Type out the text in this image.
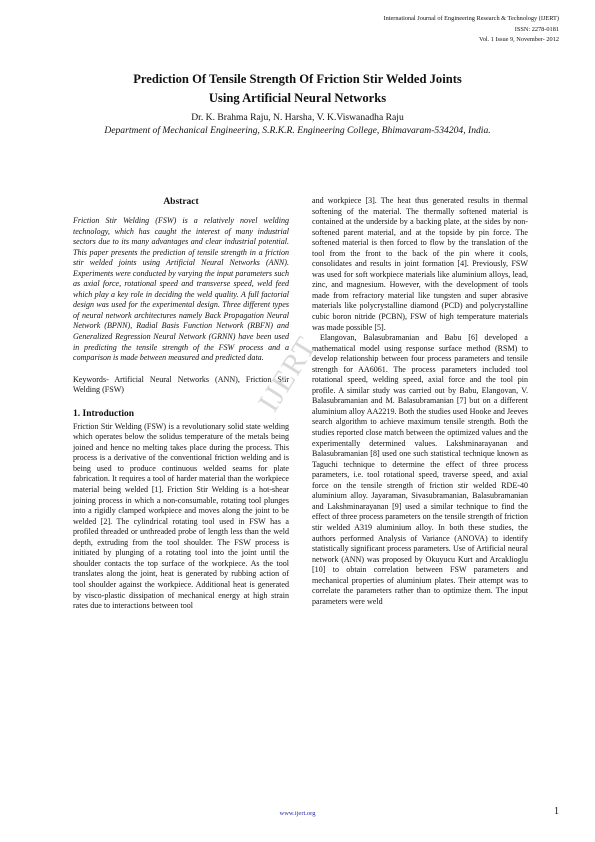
International Journal of Engineering Research & Technology (IJERT)
ISSN: 2278-0181
Vol. 1 Issue 9, November- 2012
Prediction Of Tensile Strength Of Friction Stir Welded Joints
Using Artificial Neural Networks
Dr. K. Brahma Raju, N. Harsha, V. K.Viswanadha Raju
Department of Mechanical Engineering, S.R.K.R. Engineering College, Bhimavaram-534204, India.

Abstract

Friction Stir Welding (FSW) is a relatively novel welding technology, which has caught the interest of many industrial sectors due to its many advantages and clear industrial potential. This paper presents the prediction of tensile strength in a friction stir welded joints using Artificial Neural Networks (ANN). Experiments were conducted by varying the input parameters such as axial force, rotational speed and transverse speed, weld feed which play a key role in deciding the weld quality. A full factorial design was used for the experimental design. Three different types of neural network architectures namely Back Propagation Neural Network (BPNN), Radial Basis Function Network (RBFN) and Generalized Regression Neural Network (GRNN) have been used in predicting the tensile strength of the FSW process and a comparison is made between measured and predicted data.

Keywords- Artificial Neural Networks (ANN), Friction Stir Welding (FSW)

1. Introduction

Friction Stir Welding (FSW) is a revolutionary solid state welding which operates below the solidus temperature of the metals being joined and hence no melting takes place during the process. This process is a derivative of the conventional friction welding and is being used to produce continuous welded seams for plate fabrication. It requires a tool of harder material than the workpiece material being welded [1]. Friction Stir Welding is a hot-shear joining process in which a non-consumable, rotating tool plunges into a rigidly clamped workpiece and moves along the joint to be welded [2]. The cylindrical rotating tool used in FSW has a profiled threaded or unthreaded probe of length less than the weld depth, extruding from the tool shoulder. The FSW process is initiated by plunging of a rotating tool into the joint until the shoulder contacts the top surface of the workpiece. As the tool translates along the joint, heat is generated by rubbing action of tool shoulder against the workpiece. Additional heat is generated by visco-plastic dissipation of mechanical energy at high strain rates due to interactions between tool

and workpiece [3]. The heat thus generated results in thermal softening of the material. The thermally softened material is contained at the underside by a backing plate, at the sides by non-softened parent material, and at the topside by pin force. The softened material is then forced to flow by the translation of the tool from the front to the back of the pin where it cools, consolidates and results in joint formation [4]. Previously, FSW was used for soft workpiece materials like aluminium alloys, lead, zinc, and magnesium. However, with the development of tools made from refractory material like tungsten and super abrasive materials like polycrystalline diamond (PCD) and polycrystalline cubic boron nitride (PCBN), FSW of high temperature materials was made possible [5].

Elangovan, Balasubramanian and Babu [6] developed a mathematical model using response surface method (RSM) to develop relationship between four process parameters and tensile strength for AA6061. The process parameters included tool rotational speed, welding speed, axial force and the tool pin profile. A similar study was carried out by Babu, Elangovan, V. Balasubramanian and M. Balasubramanian [7] but on a different aluminium alloy AA2219. Both the studies used Hooke and Jeeves search algorithm to achieve maximum tensile strength. Both the studies reported close match between the optimized values and the experimentally determined values. Lakshminarayanan and Balasubramanian [8] used one such statistical technique known as Taguchi technique to determine the effect of three process parameters, i.e. tool rotational speed, traverse speed, and axial force on the tensile strength of friction stir welded RDE-40 aluminium alloy. Jayaraman, Sivasubramanian, Balasubramanian and Lakshminarayanan [9] used a similar technique to find the effect of three process parameters on the tensile strength of friction stir welded A319 aluminium alloy. In both these studies, the authors performed Analysis of Variance (ANOVA) to identify statistically significant process parameters. Use of Artificial neural network (ANN) was proposed by Okuyucu Kurt and Arcaklioglu [10] to obtain correlation between FSW parameters and mechanical properties of aluminium plates. Their attempt was to correlate the parameters rather than to optimize them. The input parameters were weld

IJERT
www.ijert.org	1
